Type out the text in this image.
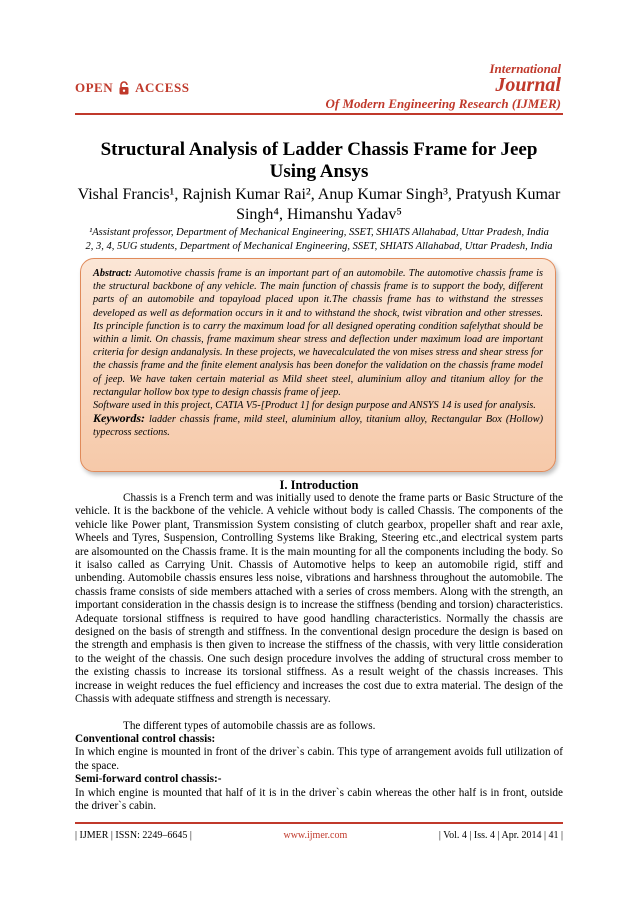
OPEN ACCESS
International
Journal
Of Modern Engineering Research (IJMER)
Structural Analysis of Ladder Chassis Frame for Jeep Using Ansys
Vishal Francis¹, Rajnish Kumar Rai², Anup Kumar Singh³, Pratyush Kumar
Singh⁴, Himanshu Yadav⁵
¹Assistant professor, Department of Mechanical Engineering, SSET, SHIATS Allahabad, Uttar Pradesh, India
2, 3, 4, 5UG students, Department of Mechanical Engineering, SSET, SHIATS Allahabad, Uttar Pradesh, India
Abstract: Automotive chassis frame is an important part of an automobile. The automotive chassis frame is the structural backbone of any vehicle. The main function of chassis frame is to support the body, different parts of an automobile and topayload placed upon it.The chassis frame has to withstand the stresses developed as well as deformation occurs in it and to withstand the shock, twist vibration and other stresses. Its principle function is to carry the maximum load for all designed operating condition safelythat should be within a limit. On chassis, frame maximum shear stress and deflection under maximum load are important criteria for design andanalysis. In these projects, we havecalculated the von mises stress and shear stress for the chassis frame and the finite element analysis has been donefor the validation on the chassis frame model of jeep. We have taken certain material as Mild sheet steel, aluminium alloy and titanium alloy for the rectangular hollow box type to design chassis frame of jeep.
Software used in this project, CATIA V5-[Product 1] for design purpose and ANSYS 14 is used for analysis.
Keywords: ladder chassis frame, mild steel, aluminium alloy, titanium alloy, Rectangular Box (Hollow) typecross sections.
I. Introduction

Chassis is a French term and was initially used to denote the frame parts or Basic Structure of the vehicle. It is the backbone of the vehicle. A vehicle without body is called Chassis. The components of the vehicle like Power plant, Transmission System consisting of clutch gearbox, propeller shaft and rear axle, Wheels and Tyres, Suspension, Controlling Systems like Braking, Steering etc.,and electrical system parts are alsomounted on the Chassis frame. It is the main mounting for all the components including the body. So it isalso called as Carrying Unit. Chassis of Automotive helps to keep an automobile rigid, stiff and unbending. Automobile chassis ensures less noise, vibrations and harshness throughout the automobile. The chassis frame consists of side members attached with a series of cross members. Along with the strength, an important consideration in the chassis design is to increase the stiffness (bending and torsion) characteristics. Adequate torsional stiffness is required to have good handling characteristics. Normally the chassis are designed on the basis of strength and stiffness. In the conventional design procedure the design is based on the strength and emphasis is then given to increase the stiffness of the chassis, with very little consideration to the weight of the chassis. One such design procedure involves the adding of structural cross member to the existing chassis to increase its torsional stiffness. As a result weight of the chassis increases. This increase in weight reduces the fuel efficiency and increases the cost due to extra material. The design of the Chassis with adequate stiffness and strength is necessary.

The different types of automobile chassis are as follows.

Conventional control chassis:
In which engine is mounted in front of the driver`s cabin. This type of arrangement avoids full utilization of the space.
Semi-forward control chassis:-
In which engine is mounted that half of it is in the driver`s cabin whereas the other half is in front, outside the driver`s cabin.
| IJMER | ISSN: 2249–6645 |	www.ijmer.com	| Vol. 4 | Iss. 4 | Apr. 2014 | 41 |
